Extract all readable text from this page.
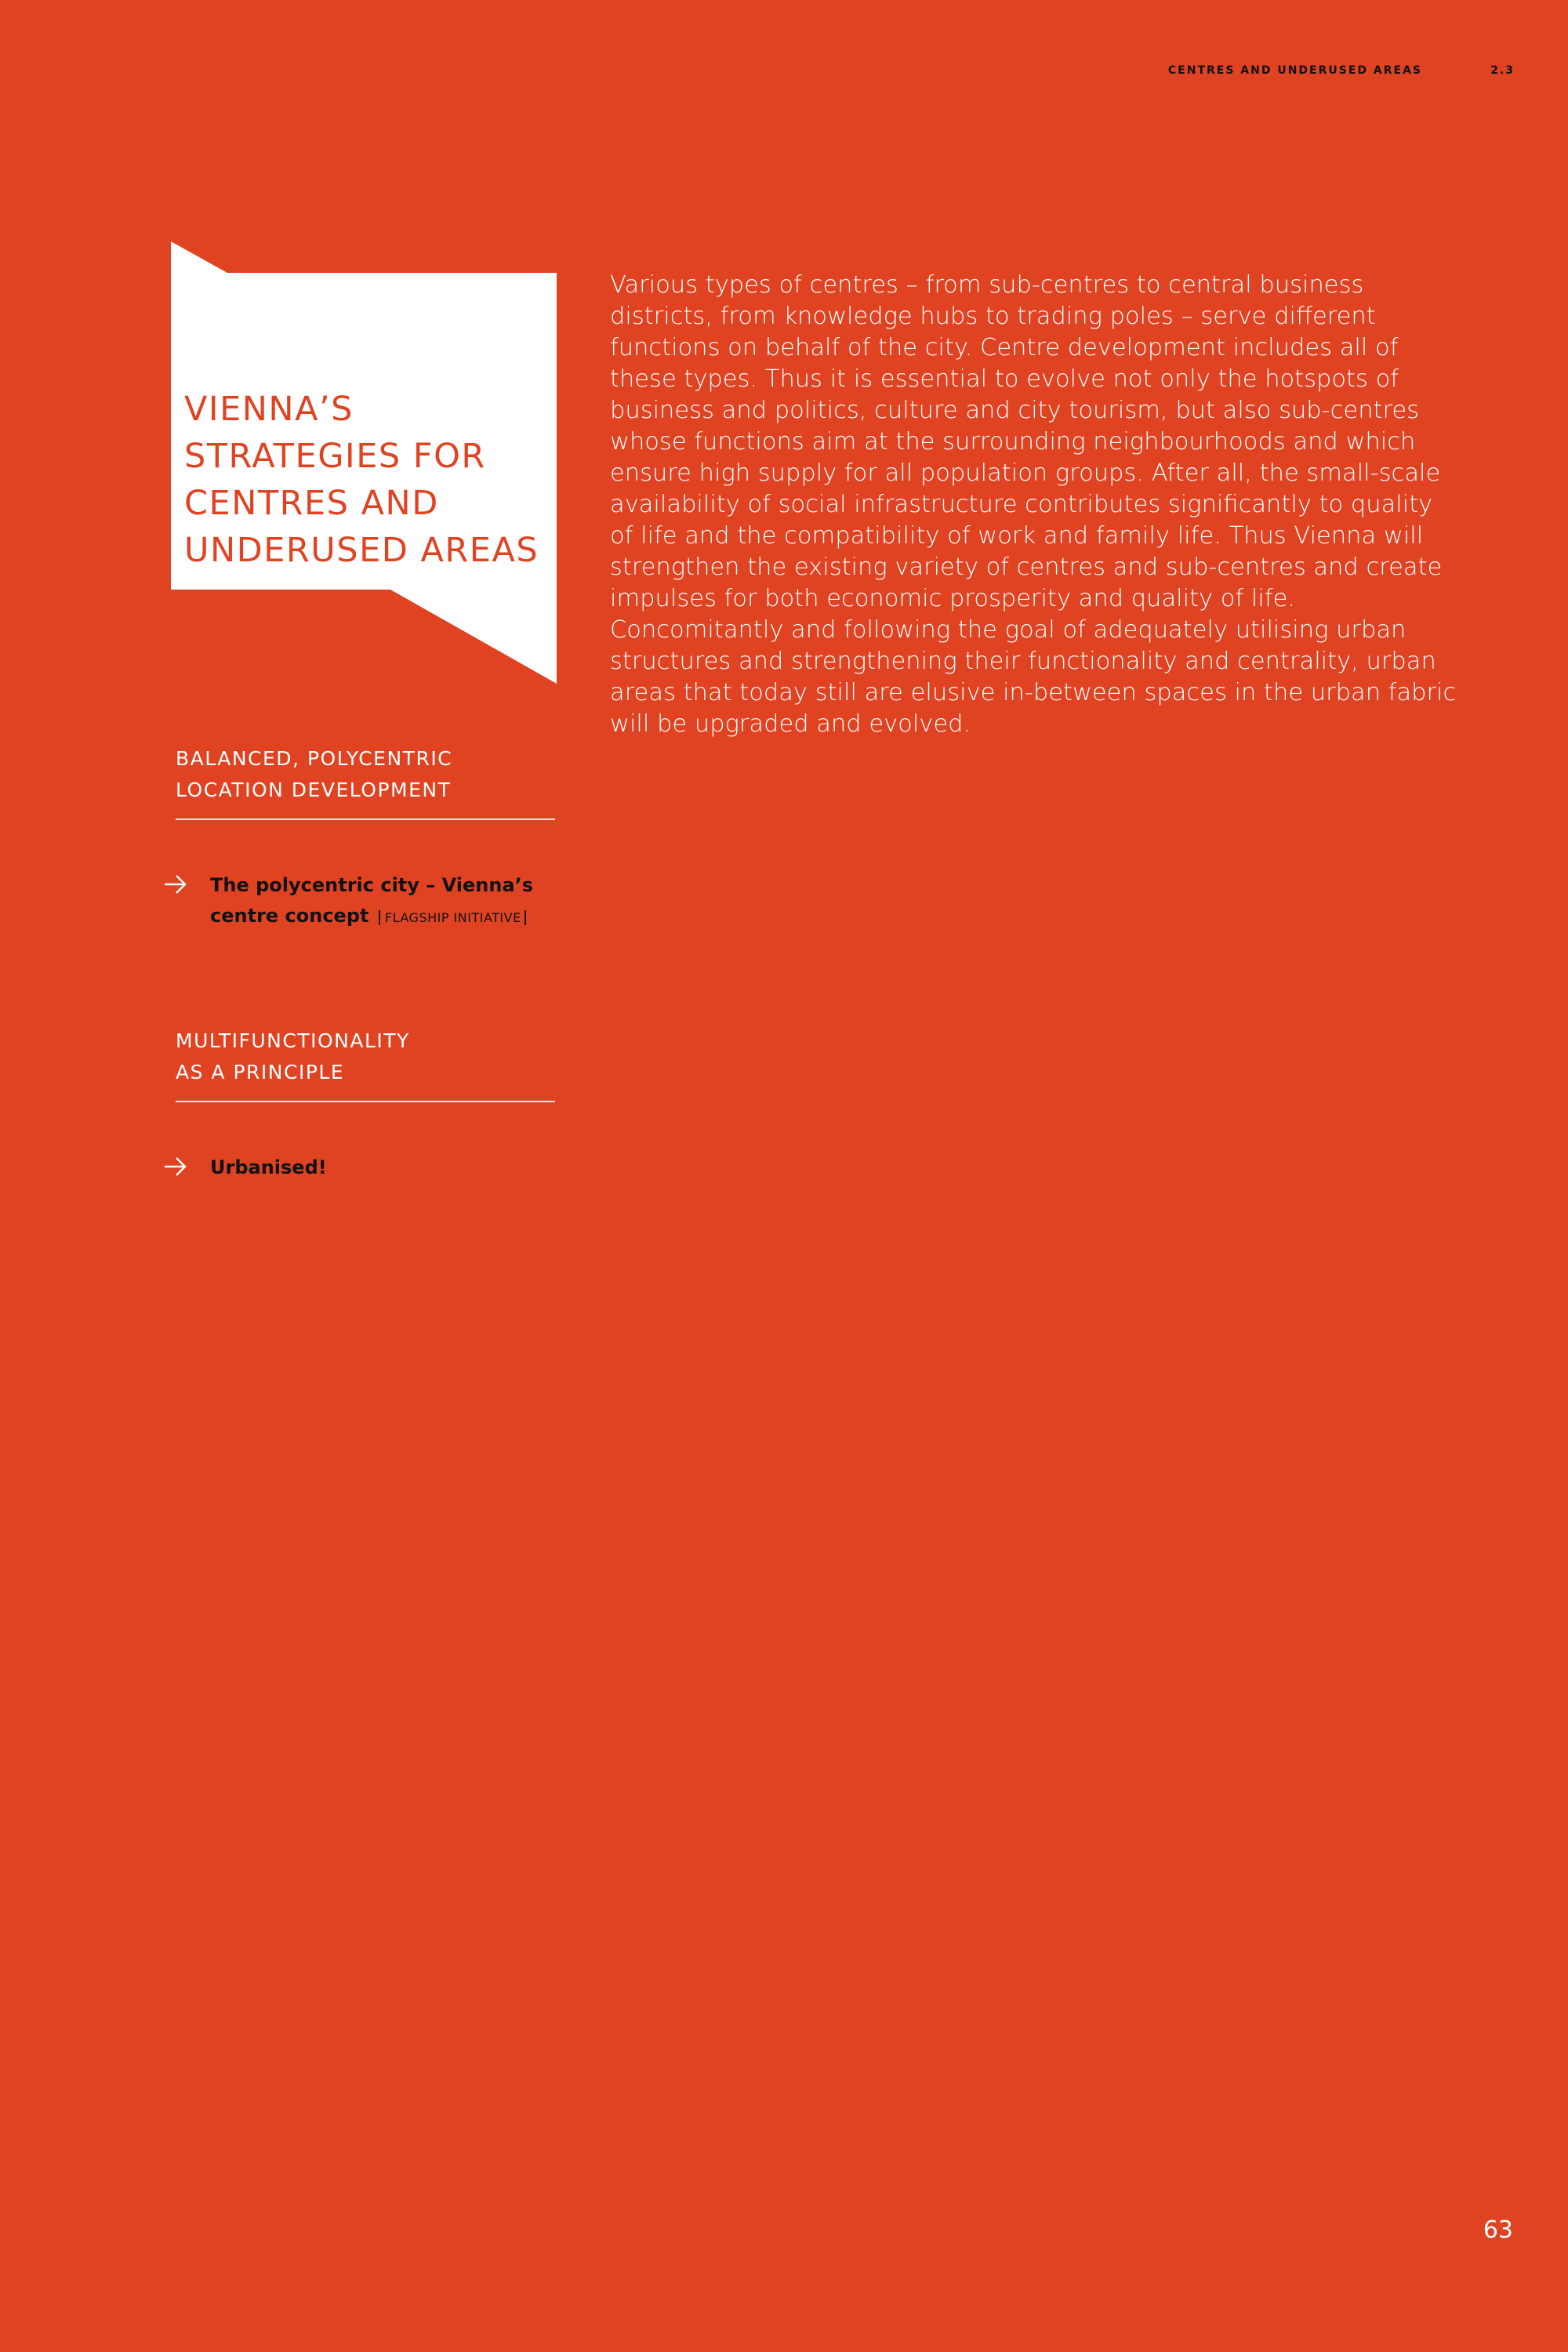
CENTRES AND UNDERUSED AREAS	2.3
VIENNA’S
STRATEGIES FOR
CENTRES AND
UNDERUSED AREAS

Various types of centres – from sub-centres to central business districts, from knowledge hubs to trading poles – serve different functions on behalf of the city. Centre development includes all of these types. Thus it is essential to evolve not only the hotspots of business and politics, culture and city tourism, but also sub-centres whose functions aim at the surrounding neighbourhoods and which ensure high supply for all population groups. After all, the small-scale availability of social infrastructure contributes significantly to quality of life and the compatibility of work and family life. Thus Vienna will strengthen the existing variety of centres and sub-centres and create impulses for both economic prosperity and quality of life. Concomitantly and following the goal of adequately utilising urban structures and strengthening their functionality and centrality, urban areas that today still are elusive in-between spaces in the urban fabric will be upgraded and evolved.

BALANCED, POLYCENTRIC
LOCATION DEVELOPMENT

The polycentric city – Vienna’s
centre concept FLAGSHIP INITIATIVE

MULTIFUNCTIONALITY
AS A PRINCIPLE

Urbanised!
63
